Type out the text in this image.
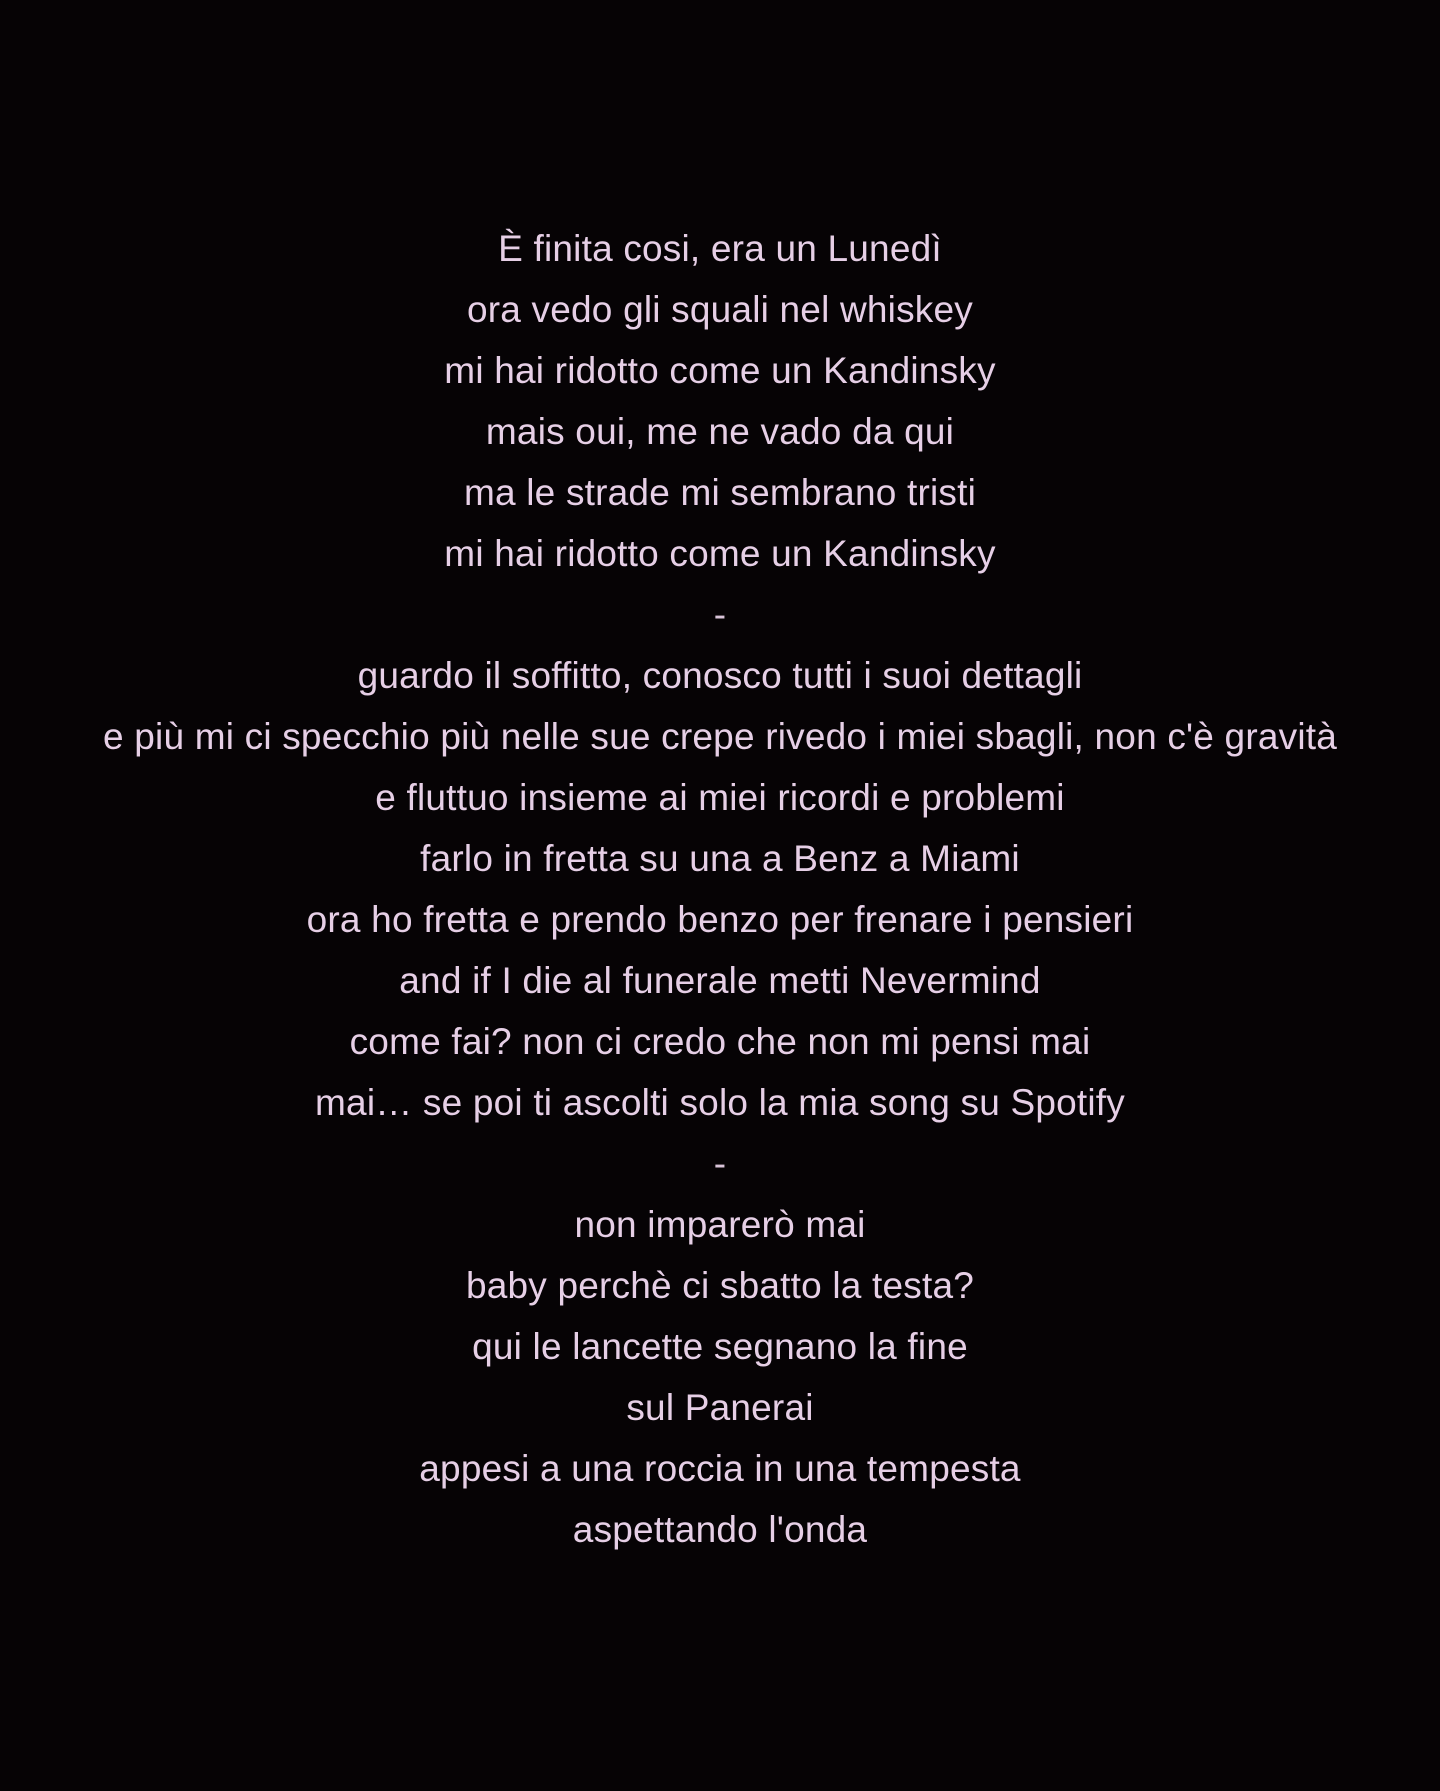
È finita cosi, era un Lunedì
ora vedo gli squali nel whiskey
mi hai ridotto come un Kandinsky
mais oui, me ne vado da qui
ma le strade mi sembrano tristi
mi hai ridotto come un Kandinsky
-
guardo il soffitto, conosco tutti i suoi dettagli
e più mi ci specchio più nelle sue crepe rivedo i miei sbagli, non c'è gravità
e fluttuo insieme ai miei ricordi e problemi
farlo in fretta su una a Benz a Miami
ora ho fretta e prendo benzo per frenare i pensieri
and if I die al funerale metti Nevermind
come fai? non ci credo che non mi pensi mai
mai… se poi ti ascolti solo la mia song su Spotify
-
non imparerò mai
baby perchè ci sbatto la testa?
qui le lancette segnano la fine
sul Panerai
appesi a una roccia in una tempesta
aspettando l'onda
